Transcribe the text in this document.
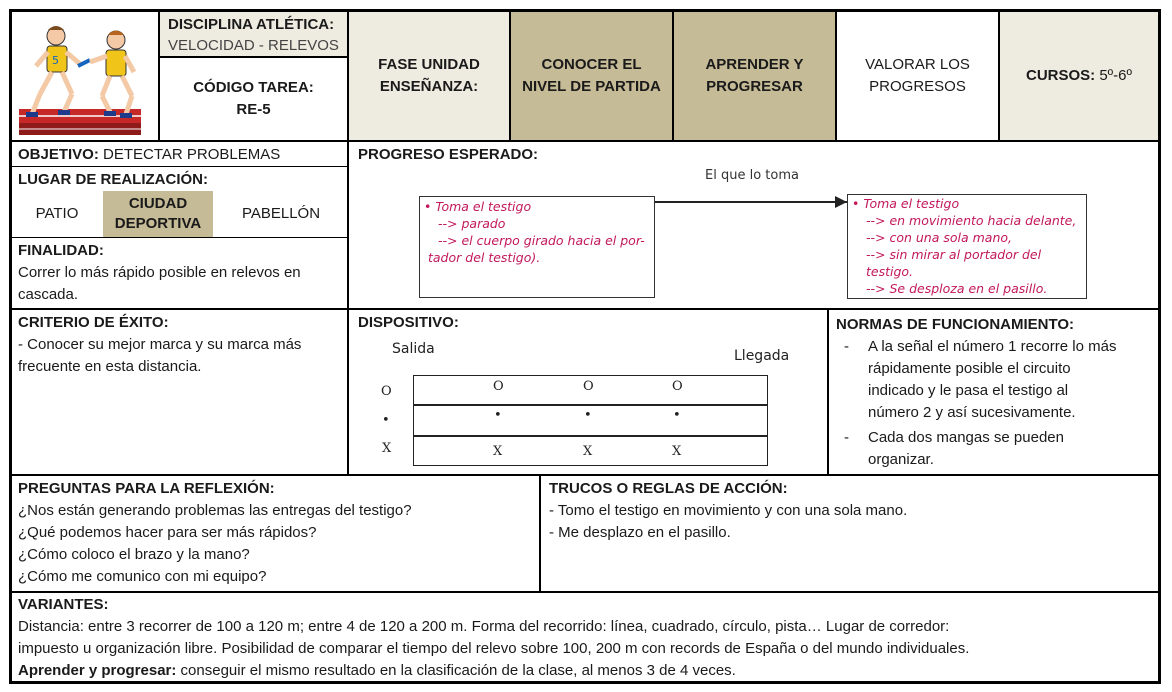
5
DISCIPLINA ATLÉTICA:
VELOCIDAD - RELEVOS
CÓDIGO TAREA:
RE-5
FASE UNIDAD
ENSEÑANZA:
CONOCER EL
NIVEL DE PARTIDA
APRENDER Y
PROGRESAR
VALORAR LOS
PROGRESOS
CURSOS:
5º-6º
OBJETIVO: DETECTAR PROBLEMAS
LUGAR DE REALIZACIÓN:
PATIO
CIUDAD
DEPORTIVA
PABELLÓN
FINALIDAD:
Correr lo más rápido posible en relevos en
cascada.
PROGRESO ESPERADO:
El que lo toma
• Toma el testigo
--> parado
--> el cuerpo girado hacia el por-
tador del testigo).
• Toma el testigo
--> en movimiento hacia delante,
--> con una sola mano,
--> sin mirar al portador del testigo.
--> Se desploza en el pasillo.
CRITERIO DE ÉXITO:
- Conocer su mejor marca y su marca más
frecuente en esta distancia.
DISPOSITIVO:
Salida	Llegada
O	O	O	O
•	•	•	•
X	X	X	X
NORMAS DE FUNCIONAMIENTO:
- A la señal el número 1 recorre lo más
rápidamente posible el circuito
indicado y le pasa el testigo al
número 2 y así sucesivamente.
- Cada dos mangas se pueden
organizar.
PREGUNTAS PARA LA REFLEXIÓN:
¿Nos están generando problemas las entregas del testigo?
¿Qué podemos hacer para ser más rápidos?
¿Cómo coloco el brazo y la mano?
¿Cómo me comunico con mi equipo?
TRUCOS O REGLAS DE ACCIÓN:
- Tomo el testigo en movimiento y con una sola mano.
- Me desplazo en el pasillo.
VARIANTES:
Distancia: entre 3 recorrer de 100 a 120 m; entre 4 de 120 a 200 m. Forma del recorrido: línea, cuadrado, círculo, pista… Lugar de corredor:
impuesto u organización libre. Posibilidad de comparar el tiempo del relevo sobre 100, 200 m con records de España o del mundo individuales.
Aprender y progresar: conseguir el mismo resultado en la clasificación de la clase, al menos 3 de 4 veces.
